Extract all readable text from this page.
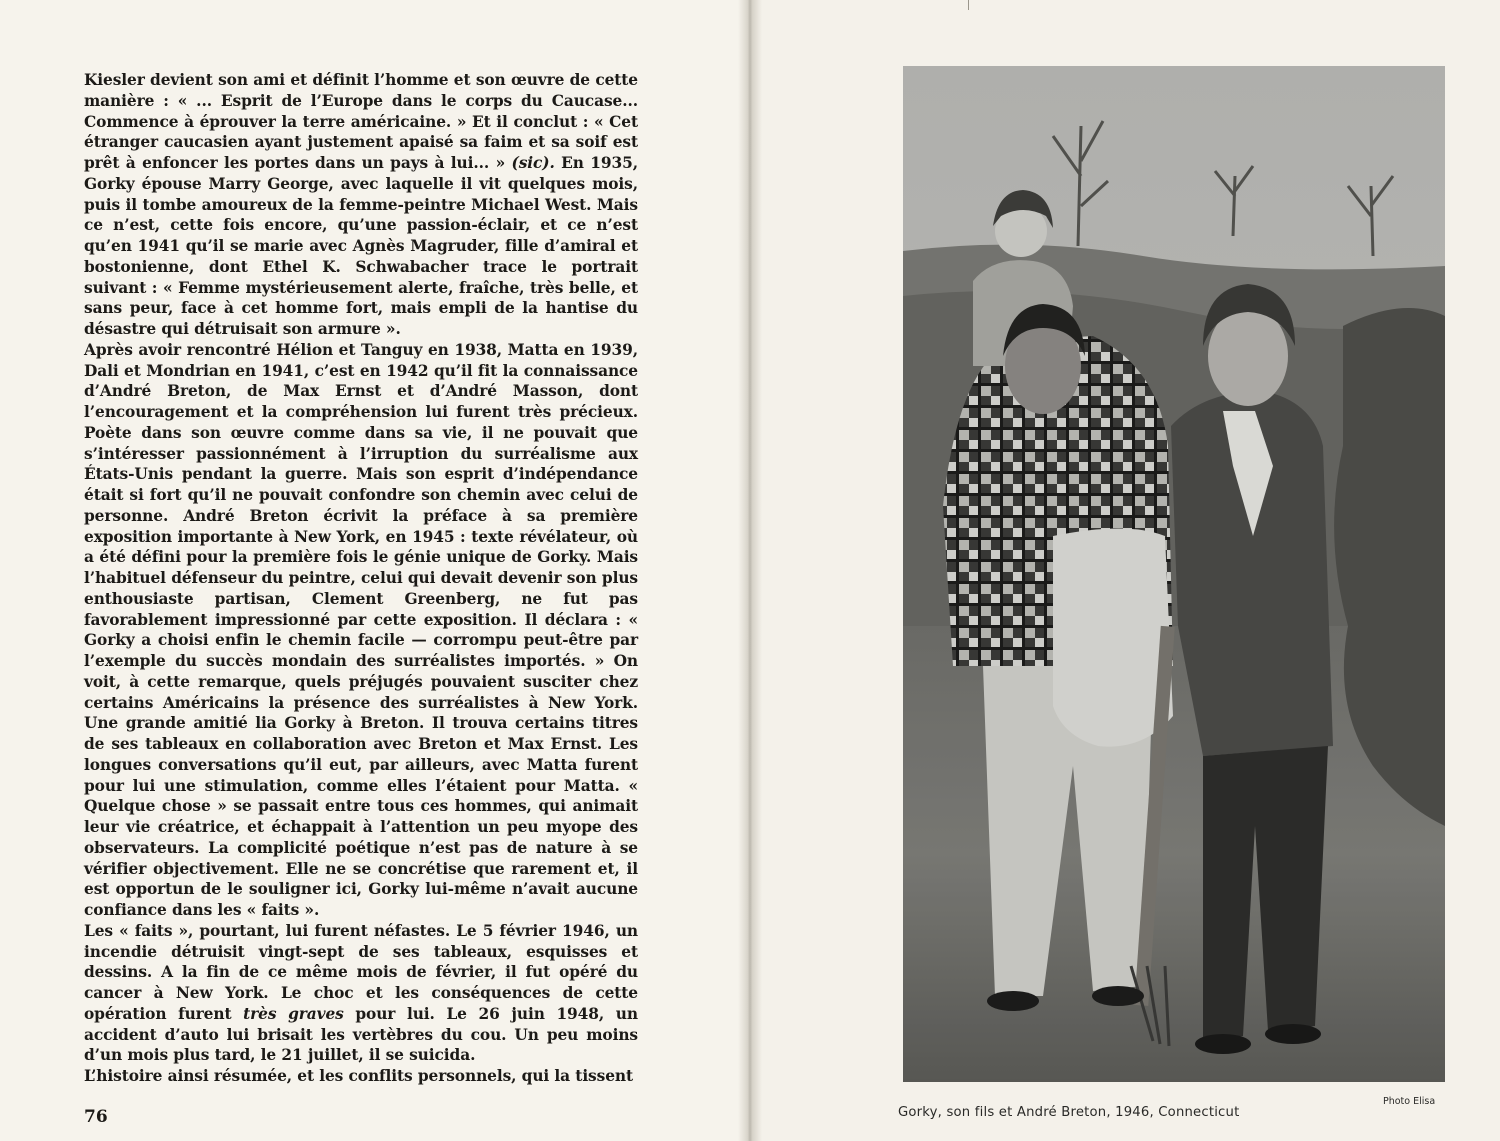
Kiesler devient son ami et définit l’homme et son œuvre de cette manière : « ... Esprit de l’Europe dans le corps du Caucase... Commence à éprouver la terre américaine. » Et il conclut : « Cet étranger caucasien ayant justement apaisé sa faim et sa soif est prêt à enfoncer les portes dans un pays à lui... » (sic). En 1935, Gorky épouse Marry George, avec laquelle il vit quelques mois, puis il tombe amoureux de la femme-peintre Michael West. Mais ce n’est, cette fois encore, qu’une passion-éclair, et ce n’est qu’en 1941 qu’il se marie avec Agnès Magruder, fille d’amiral et bostonienne, dont Ethel K. Schwabacher trace le portrait suivant : « Femme mystérieusement alerte, fraîche, très belle, et sans peur, face à cet homme fort, mais empli de la hantise du désastre qui détruisait son armure ».

Après avoir rencontré Hélion et Tanguy en 1938, Matta en 1939, Dali et Mondrian en 1941, c’est en 1942 qu’il fit la connaissance d’André Breton, de Max Ernst et d’André Masson, dont l’encouragement et la compréhension lui furent très précieux. Poète dans son œuvre comme dans sa vie, il ne pouvait que s’intéresser passionnément à l’irruption du surréalisme aux États-Unis pendant la guerre. Mais son esprit d’indépendance était si fort qu’il ne pouvait confondre son chemin avec celui de personne. André Breton écrivit la préface à sa première exposition importante à New York, en 1945 : texte révélateur, où a été défini pour la première fois le génie unique de Gorky. Mais l’habituel défenseur du peintre, celui qui devait devenir son plus enthousiaste partisan, Clement Greenberg, ne fut pas favorablement impressionné par cette exposition. Il déclara : « Gorky a choisi enfin le chemin facile — corrompu peut-être par l’exemple du succès mondain des surréalistes importés. » On voit, à cette remarque, quels préjugés pouvaient susciter chez certains Américains la présence des surréalistes à New York. Une grande amitié lia Gorky à Breton. Il trouva certains titres de ses tableaux en collaboration avec Breton et Max Ernst. Les longues conversations qu’il eut, par ailleurs, avec Matta furent pour lui une stimulation, comme elles l’étaient pour Matta. « Quelque chose » se passait entre tous ces hommes, qui animait leur vie créatrice, et échappait à l’attention un peu myope des observateurs. La complicité poétique n’est pas de nature à se vérifier objectivement. Elle ne se concrétise que rarement et, il est opportun de le souligner ici, Gorky lui-même n’avait aucune confiance dans les « faits ».

Les « faits », pourtant, lui furent néfastes. Le 5 février 1946, un incendie détruisit vingt-sept de ses tableaux, esquisses et dessins. A la fin de ce même mois de février, il fut opéré du cancer à New York. Le choc et les conséquences de cette opération furent très graves pour lui. Le 26 juin 1948, un accident d’auto lui brisait les vertèbres du cou. Un peu moins d’un mois plus tard, le 21 juillet, il se suicida.

L’histoire ainsi résumée, et les conflits personnels, qui la tissent

76	Gorky, son fils et André Breton, 1946, Connecticut
Photo Elisa
